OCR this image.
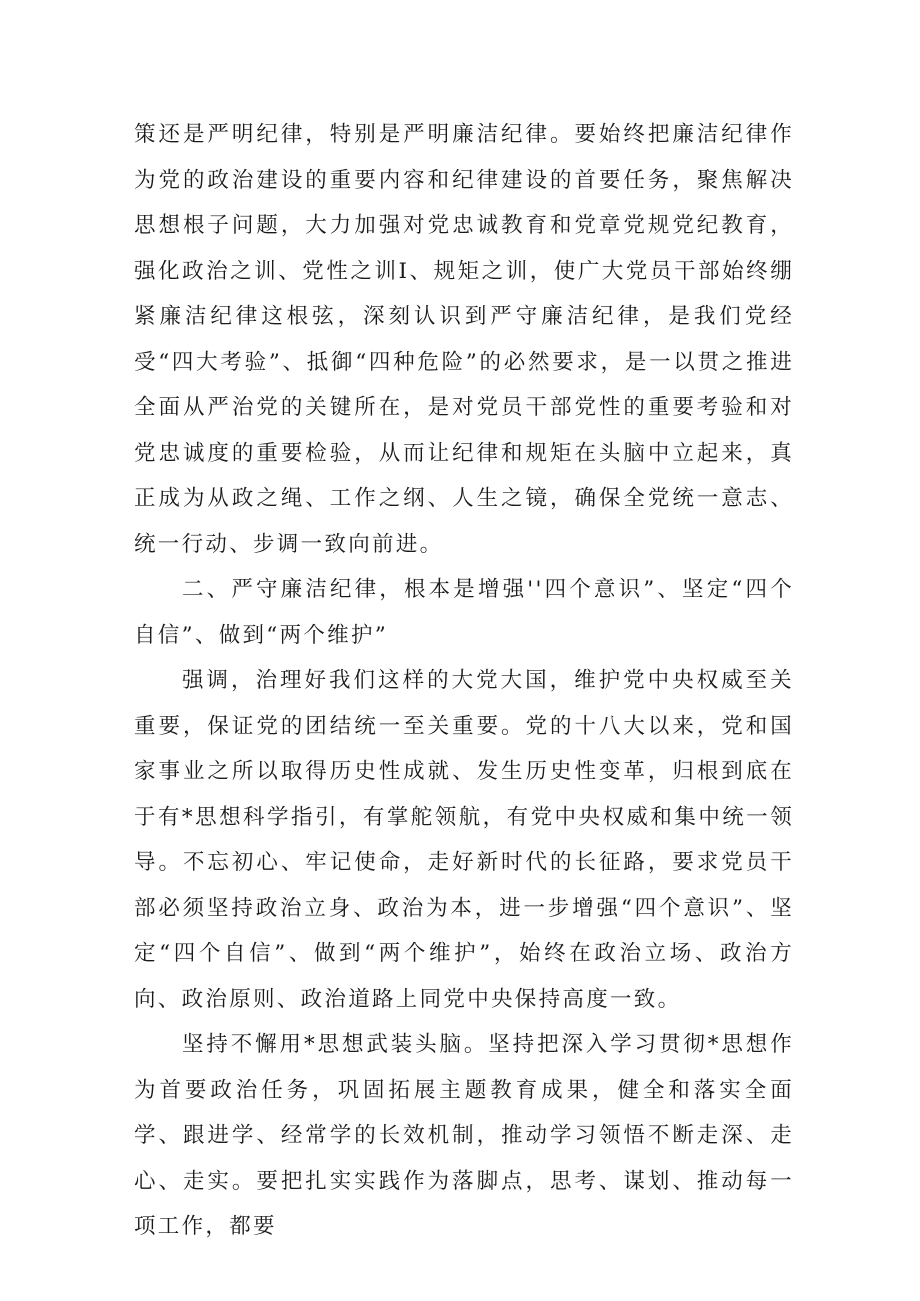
策还是严明纪律，特别是严明廉洁纪律。要始终把廉洁纪律作为党的政治建设的重要内容和纪律建设的首要任务，聚焦解决思想根子问题，大力加强对党忠诚教育和党章党规党纪教育，强化政治之训、党性之训Ⅰ、规矩之训，使广大党员干部始终绷紧廉洁纪律这根弦，深刻认识到严守廉洁纪律，是我们党经受“四大考验”、抵御“四种危险”的必然要求，是一以贯之推进全面从严治党的关键所在，是对党员干部党性的重要考验和对党忠诚度的重要检验，从而让纪律和规矩在头脑中立起来，真正成为从政之绳、工作之纲、人生之镜，确保全党统一意志、统一行动、步调一致向前进。

二、严守廉洁纪律，根本是增强''四个意识”、坚定“四个自信”、做到“两个维护”

强调，治理好我们这样的大党大国，维护党中央权威至关重要，保证党的团结统一至关重要。党的十八大以来，党和国家事业之所以取得历史性成就、发生历史性变革，归根到底在于有*思想科学指引，有掌舵领航，有党中央权威和集中统一领导。不忘初心、牢记使命，走好新时代的长征路，要求党员干部必须坚持政治立身、政治为本，进一步增强“四个意识”、坚定“四个自信”、做到“两个维护”，始终在政治立场、政治方向、政治原则、政治道路上同党中央保持高度一致。

坚持不懈用*思想武装头脑。坚持把深入学习贯彻*思想作为首要政治任务，巩固拓展主题教育成果，健全和落实全面学、跟进学、经常学的长效机制，推动学习领悟不断走深、走心、走实。要把扎实实践作为落脚点，思考、谋划、推动每一项工作，都要
